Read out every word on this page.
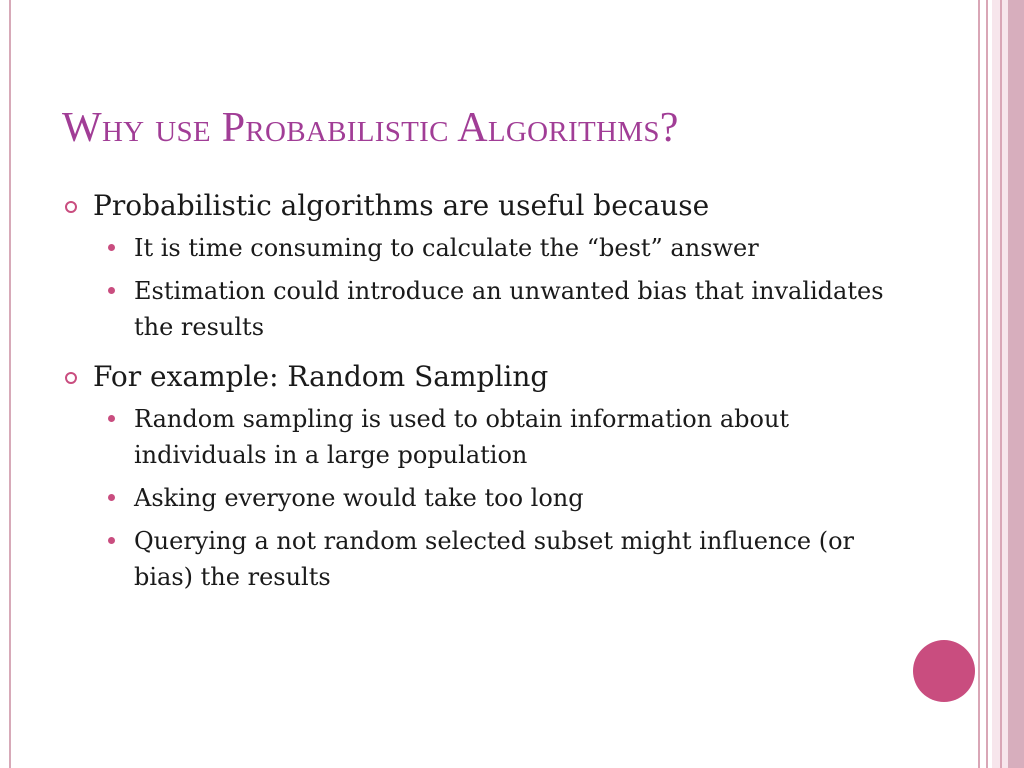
Why use Probabilistic Algorithms?
Probabilistic algorithms are useful because
It is time consuming to calculate the “best” answer
Estimation could introduce an unwanted bias that invalidates the results
For example: Random Sampling
Random sampling is used to obtain information about individuals in a large population
Asking everyone would take too long
Querying a not random selected subset might influence (or bias) the results
